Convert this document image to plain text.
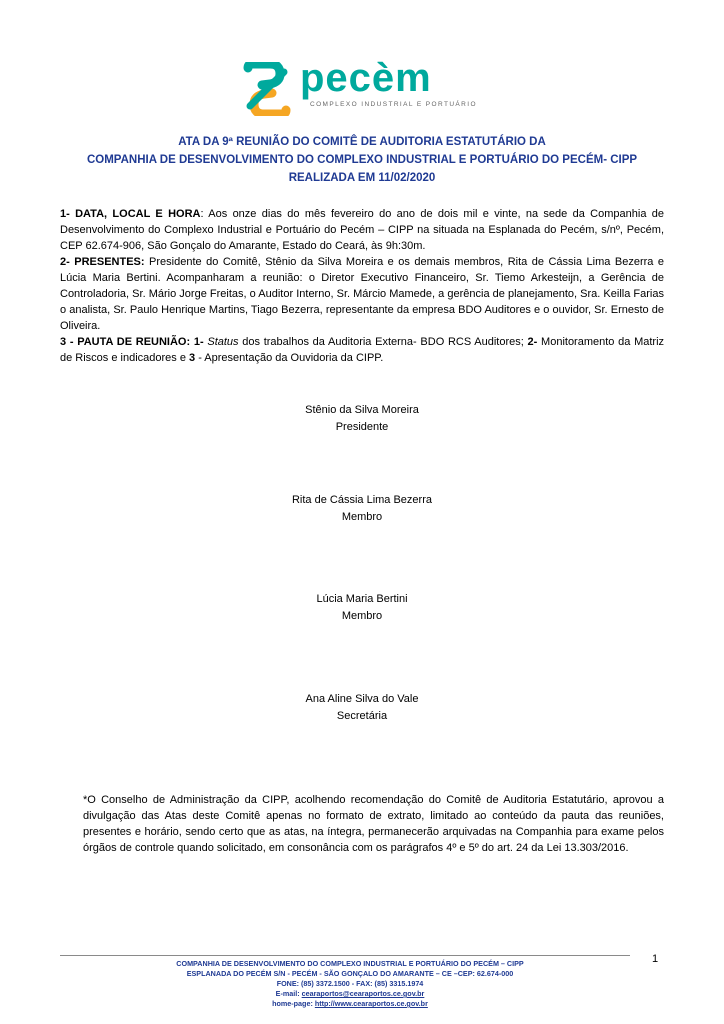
pecèm
COMPLEXO INDUSTRIAL E PORTUÁRIO
ATA DA 9ª REUNIÃO DO COMITÊ DE AUDITORIA ESTATUTÁRIO DA
COMPANHIA DE DESENVOLVIMENTO DO COMPLEXO INDUSTRIAL E PORTUÁRIO DO PECÉM- CIPP
REALIZADA EM 11/02/2020

1- DATA, LOCAL E HORA: Aos onze dias do mês fevereiro do ano de dois mil e vinte, na sede da Companhia de Desenvolvimento do Complexo Industrial e Portuário do Pecém – CIPP na situada na Esplanada do Pecém, s/nº, Pecém, CEP 62.674-906, São Gonçalo do Amarante, Estado do Ceará, às 9h:30m.

2- PRESENTES: Presidente do Comitê, Stênio da Silva Moreira e os demais membros, Rita de Cássia Lima Bezerra e Lúcia Maria Bertini. Acompanharam a reunião: o Diretor Executivo Financeiro, Sr. Tiemo Arkesteijn, a Gerência de Controladoria, Sr. Mário Jorge Freitas, o Auditor Interno, Sr. Márcio Mamede, a gerência de planejamento, Sra. Keilla Farias o analista, Sr. Paulo Henrique Martins, Tiago Bezerra, representante da empresa BDO Auditores e o ouvidor, Sr. Ernesto de Oliveira.

3 - PAUTA DE REUNIÃO: 1- Status dos trabalhos da Auditoria Externa- BDO RCS Auditores; 2- Monitoramento da Matriz de Riscos e indicadores e 3 - Apresentação da Ouvidoria da CIPP.

Stênio da Silva Moreira
Presidente
Rita de Cássia Lima Bezerra
Membro
Lúcia Maria Bertini
Membro
Ana Aline Silva do Vale
Secretária
*O Conselho de Administração da CIPP, acolhendo recomendação do Comitê de Auditoria Estatutário, aprovou a divulgação das Atas deste Comitê apenas no formato de extrato, limitado ao conteúdo da pauta das reuniões, presentes e horário, sendo certo que as atas, na íntegra, permanecerão arquivadas na Companhia para exame pelos órgãos de controle quando solicitado, em consonância com os parágrafos 4º e 5º do art. 24 da Lei 13.303/2016.
1
COMPANHIA DE DESENVOLVIMENTO DO COMPLEXO INDUSTRIAL E PORTUÁRIO DO PECÉM – CIPP
ESPLANADA DO PECÉM S/N - PECÉM - SÃO GONÇALO DO AMARANTE – CE –CEP: 62.674-000
FONE: (85) 3372.1500 - FAX: (85) 3315.1974
E-mail: cearaportos@cearaportos.ce.gov.br
home-page: http://www.cearaportos.ce.gov.br
